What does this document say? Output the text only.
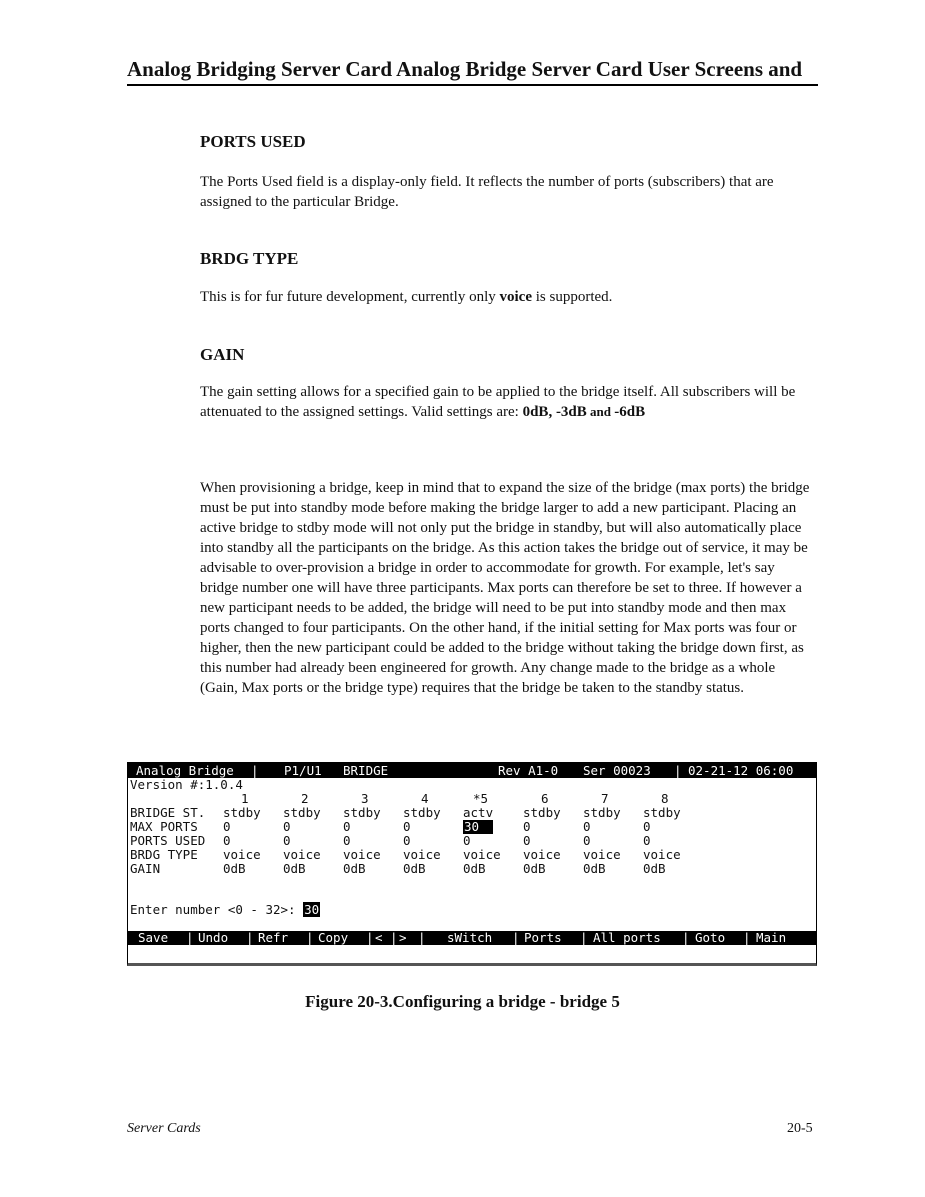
Analog Bridging Server Card Analog Bridge Server Card User Screens and
PORTS USED

The Ports Used field is a display-only field. It reflects the number of ports (subscribers) that are assigned to the particular Bridge.

BRDG TYPE

This is for fur future development, currently only voice is supported.

GAIN

The gain setting allows for a specified gain to be applied to the bridge itself. All subscribers will be attenuated to the assigned settings. Valid settings are: 0dB, -3dB and -6dB

When provisioning a bridge, keep in mind that to expand the size of the bridge (max ports) the bridge must be put into standby mode before making the bridge larger to add a new participant. Placing an active bridge to stdby mode will not only put the bridge in standby, but will also automatically place into standby all the participants on the bridge. As this action takes the bridge out of service, it may be advisable to over-provision a bridge in order to accommodate for growth. For example, let's say bridge number one will have three participants. Max ports can therefore be set to three. If however a new participant needs to be added, the bridge will need to be put into standby mode and then max ports changed to four participants. On the other hand, if the initial setting for Max ports was four or higher, then the new participant could be added to the bridge without taking the bridge down first, as this number had already been engineered for growth. Any change made to the bridge as a whole (Gain, Max ports or the bridge type) requires that the bridge be taken to the standby status.

Analog Bridge

|

P1/U1

BRIDGE

	Rev A1-0

Ser 00023

|

02-21-12 06:00

Version #:1.0.4
1	2	3	4	*5	6	7	8
BRIDGE ST. stdby stdby stdby stdby actv stdby stdby stdby
MAX PORTS 0	0	0	0	30	0	0	0
PORTS USED 0	0	0	0	0	0	0	0
BRDG TYPE voice voice voice voice voice voice voice voice
GAIN	0dB	0dB	0dB	0dB	0dB	0dB	0dB	0dB
Enter number <0 - 32>: 30
Save Undo Refr Copy < >	sWitch	Ports	All ports	Goto Main
|	|	|	| | |	|	|	|	|
Figure 20-3.Configuring a bridge - bridge 5
Server Cards	20-5
